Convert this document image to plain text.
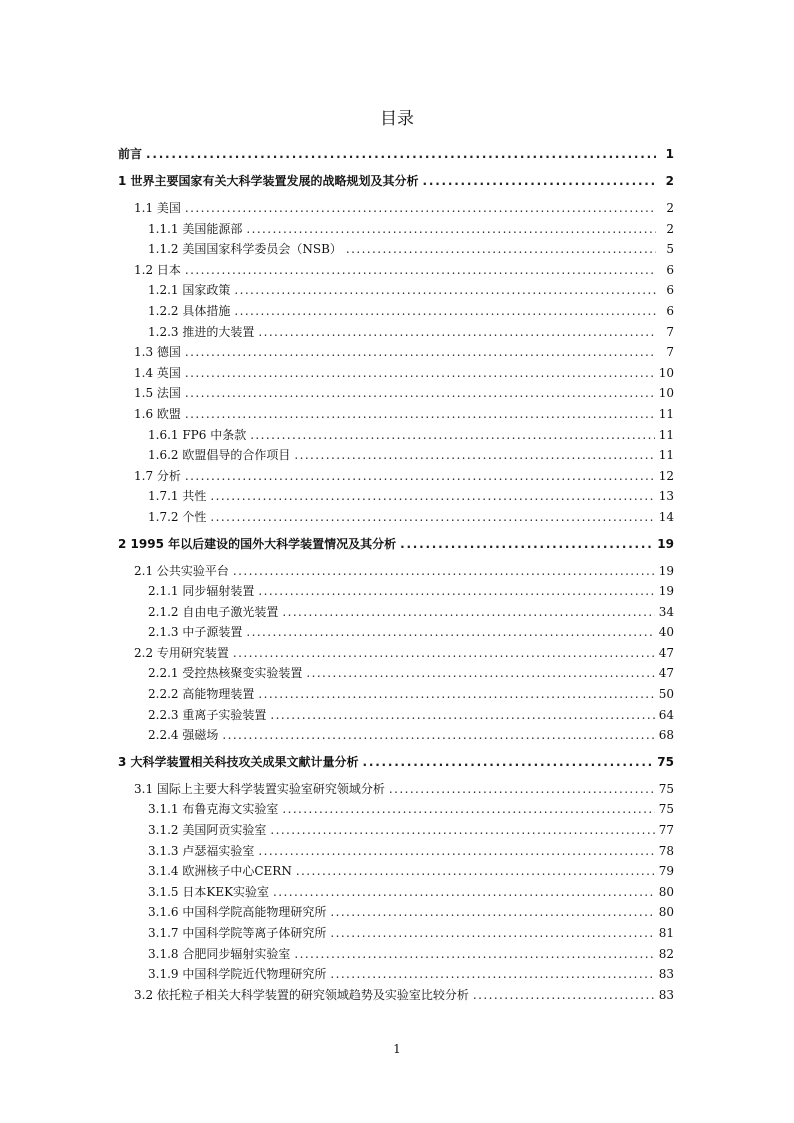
目录
前言 . . .	1
1 世界主要国家有关大科学装置发展的战略规划及其分析 . . .	2
1.1 美国 . . .	2
1.1.1 美国能源部 . . .	2
1.1.2 美国国家科学委员会（NSB） . . .	5
1.2 日本 . . .	6
1.2.1 国家政策 . . .	6
1.2.2 具体措施 . . .	6
1.2.3 推进的大装置 . . .	7
1.3 德国 . . .	7
1.4 英国 . . .	10
1.5 法国 . . .	10
1.6 欧盟 . . .	11
1.6.1 FP6 中条款 . . .	11
1.6.2 欧盟倡导的合作项目 . . .	11
1.7 分析 . . .	12
1.7.1 共性 . . .	13
1.7.2 个性 . . .	14
2 1995 年以后建设的国外大科学装置情况及其分析 . . .	19
2.1 公共实验平台 . . .	19
2.1.1 同步辐射装置 . . .	19
2.1.2 自由电子激光装置 . . .	34
2.1.3 中子源装置 . . .	40
2.2 专用研究装置 . . .	47
2.2.1 受控热核聚变实验装置 . . .	47
2.2.2 高能物理装置 . . .	50
2.2.3 重离子实验装置 . . .	64
2.2.4 强磁场 . . .	68
3 大科学装置相关科技攻关成果文献计量分析 . . .	75
3.1 国际上主要大科学装置实验室研究领域分析 . . .	75
3.1.1 布鲁克海文实验室 . . .	75
3.1.2 美国阿贡实验室 . . .	77
3.1.3 卢瑟福实验室 . . .	78
3.1.4 欧洲核子中心CERN . . .	79
3.1.5 日本KEK实验室 . . .	80
3.1.6 中国科学院高能物理研究所 . . .	80
3.1.7 中国科学院等离子体研究所 . . .	81
3.1.8 合肥同步辐射实验室 . . .	82
3.1.9 中国科学院近代物理研究所 . . .	83
3.2 依托粒子相关大科学装置的研究领域趋势及实验室比较分析 . . .	83
1
